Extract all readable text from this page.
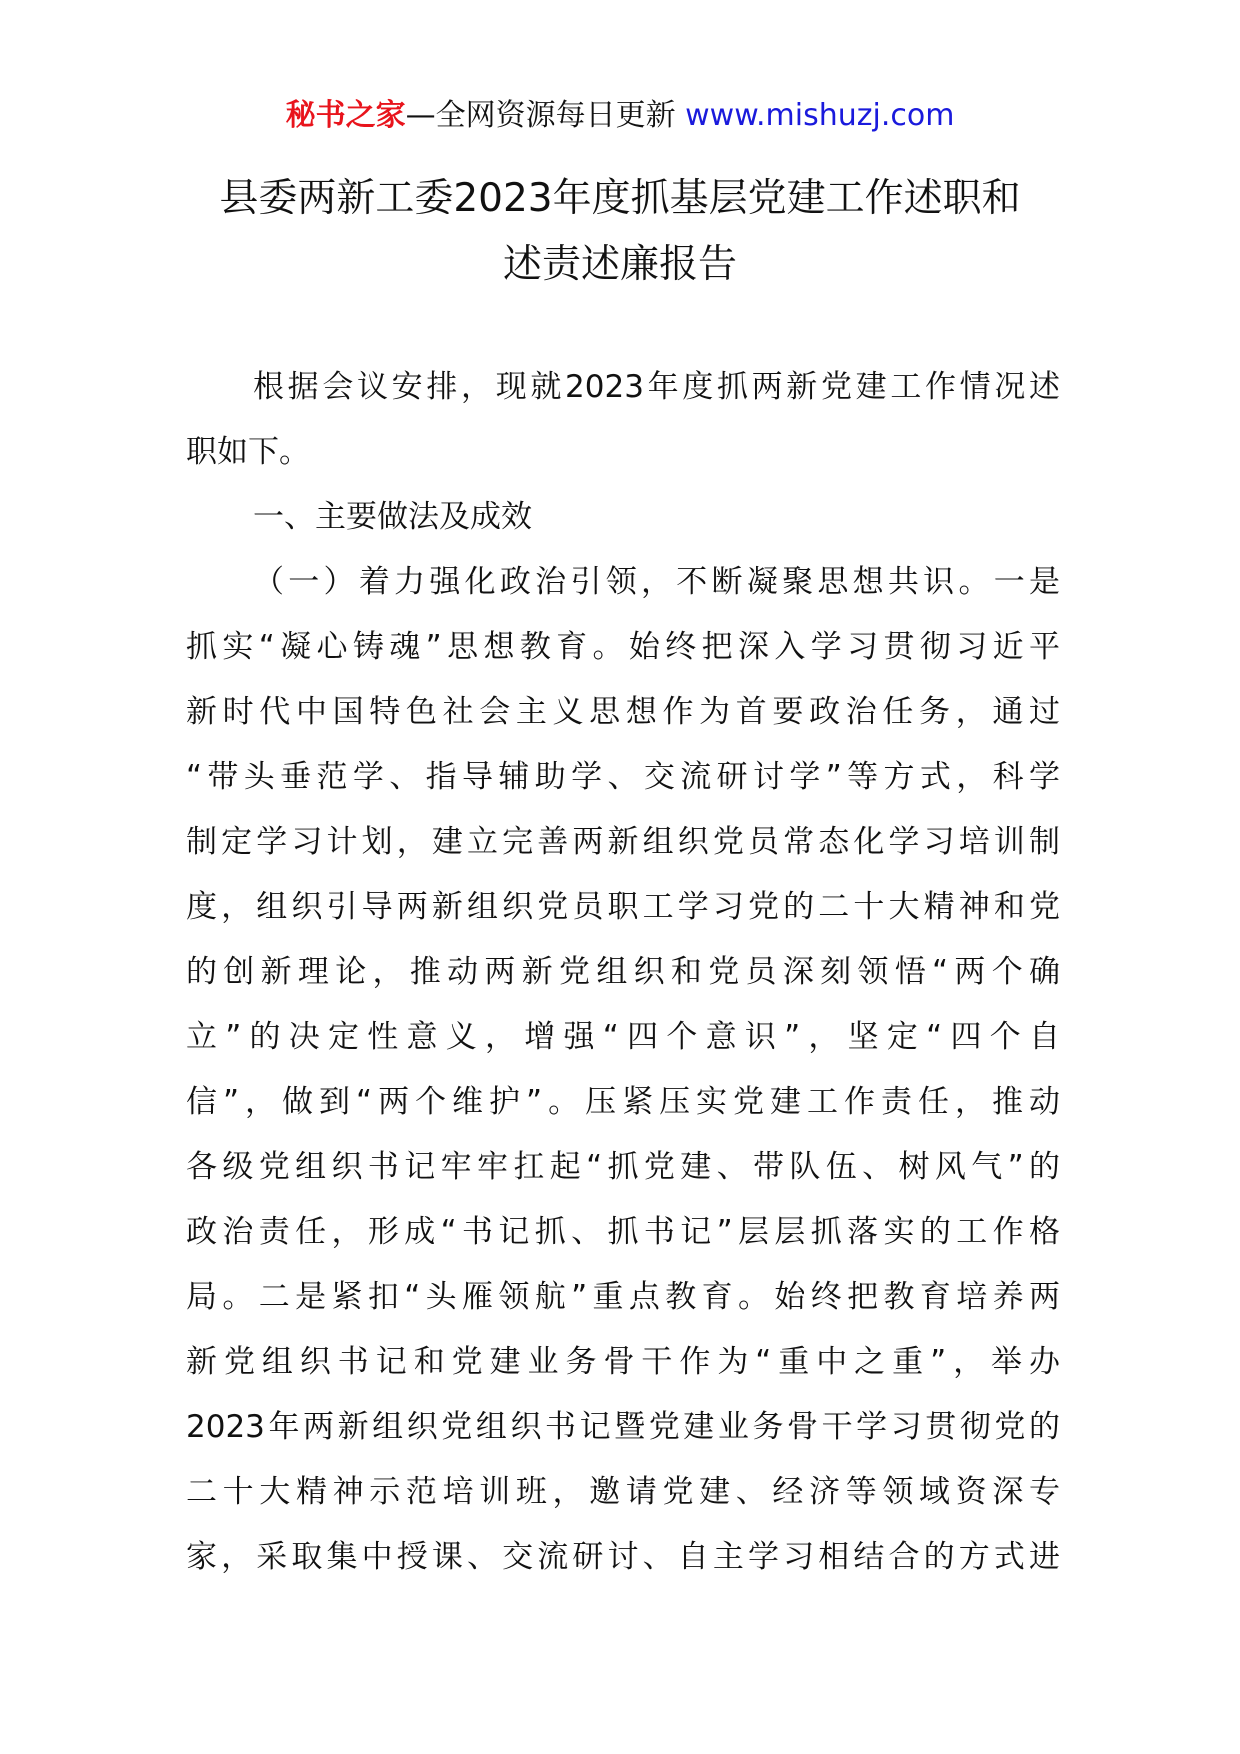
秘书之家—全网资源每日更新 www.mishuzj.com
县委两新工委2023年度抓基层党建工作述职和
述责述廉报告
根据会议安排，现就2023年度抓两新党建工作情况述
职如下。
一、主要做法及成效
（一）着力强化政治引领，不断凝聚思想共识。一是
抓实“凝心铸魂”思想教育。始终把深入学习贯彻习近平
新时代中国特色社会主义思想作为首要政治任务，通过
“带头垂范学、指导辅助学、交流研讨学”等方式，科学
制定学习计划，建立完善两新组织党员常态化学习培训制
度，组织引导两新组织党员职工学习党的二十大精神和党
的创新理论，推动两新党组织和党员深刻领悟“两个确
立”的决定性意义，增强“四个意识”，坚定“四个自
信”，做到“两个维护”。压紧压实党建工作责任，推动
各级党组织书记牢牢扛起“抓党建、带队伍、树风气”的
政治责任，形成“书记抓、抓书记”层层抓落实的工作格
局。二是紧扣“头雁领航”重点教育。始终把教育培养两
新党组织书记和党建业务骨干作为“重中之重”，举办
2023年两新组织党组织书记暨党建业务骨干学习贯彻党的
二十大精神示范培训班，邀请党建、经济等领域资深专
家，采取集中授课、交流研讨、自主学习相结合的方式进
